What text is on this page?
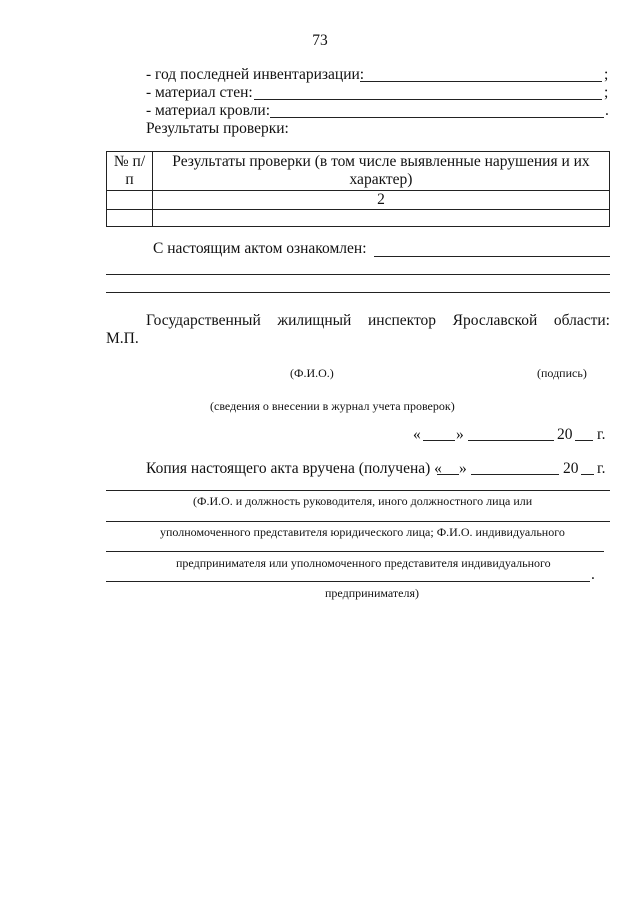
73
- год последней инвентаризации:	;
- материал стен:	;
- материал кровли:	.
Результаты проверки:
№ п/п	Результаты проверки (в том числе выявленные нарушения и их характер)
	2

С настоящим актом ознакомлен:
Государственный жилищный инспектор Ярославской области:
М.П.
(Ф.И.О.)	(подпись)
(сведения о внесении в журнал учета проверок)
« »	20 г.
Копия настоящего акта вручена (получена) « »	20 г.
(Ф.И.О. и должность руководителя, иного должностного лица или
уполномоченного представителя юридического лица; Ф.И.О. индивидуального
предпринимателя или уполномоченного представителя индивидуального
.
предпринимателя)
